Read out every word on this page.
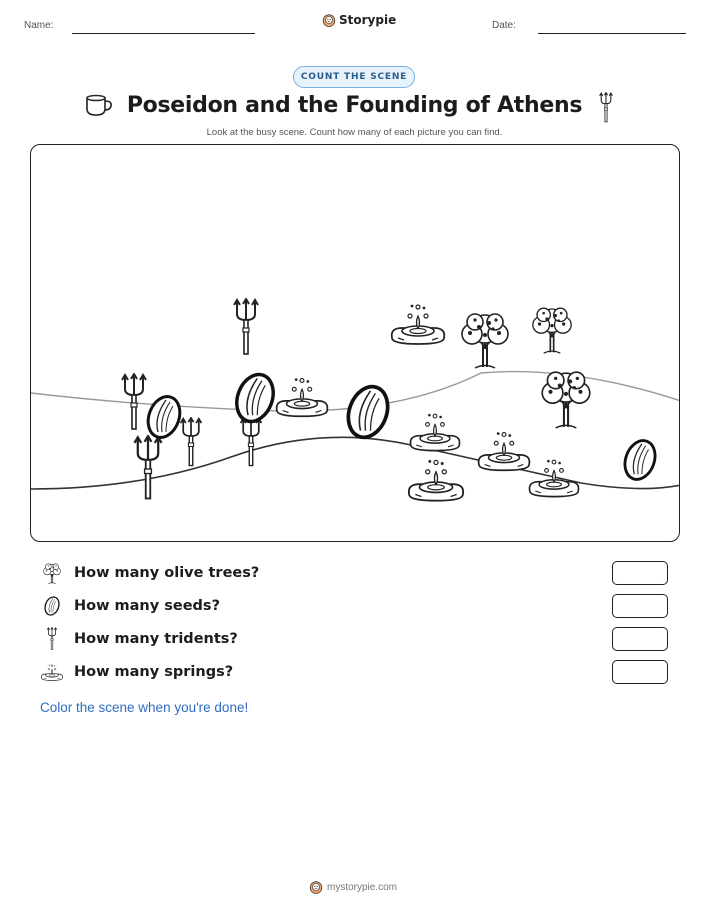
Name:	Storypie	Date:
COUNT THE SCENE
Poseidon and the Founding of Athens
Look at the busy scene. Count how many of each picture you can find.
How many olive trees?
How many seeds?
How many tridents?
How many springs?
Color the scene when you're done!
mystorypie.com
